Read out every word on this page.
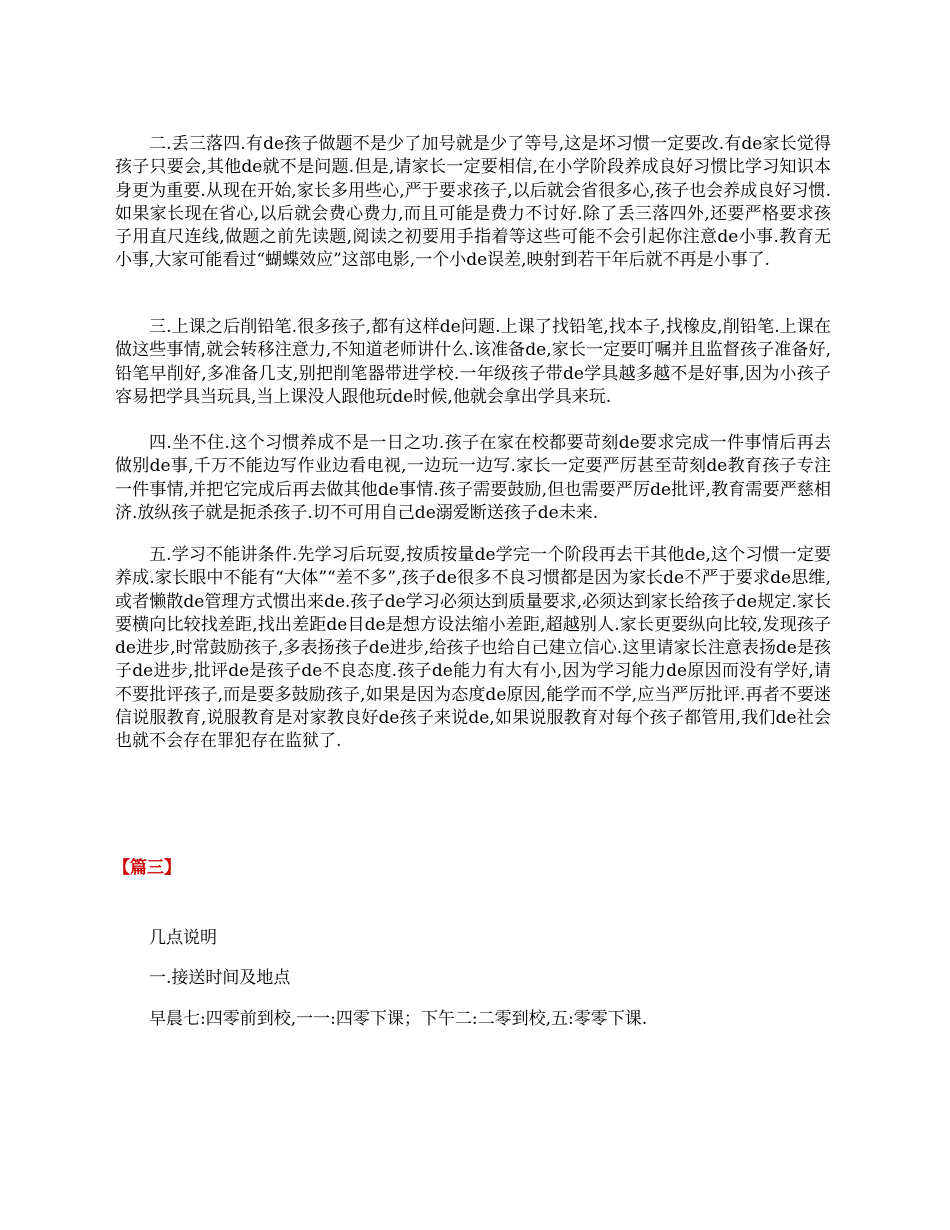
二.丢三落四.有de孩子做题不是少了加号就是少了等号,这是坏习惯一定要改.有de家长觉得孩子只要会,其他de就不是问题.但是,请家长一定要相信,在小学阶段养成良好习惯比学习知识本身更为重要.从现在开始,家长多用些心,严于要求孩子,以后就会省很多心,孩子也会养成良好习惯.如果家长现在省心,以后就会费心费力,而且可能是费力不讨好.除了丢三落四外,还要严格要求孩子用直尺连线,做题之前先读题,阅读之初要用手指着等这些可能不会引起你注意de小事.教育无小事,大家可能看过“蝴蝶效应”这部电影,一个小de误差,映射到若干年后就不再是小事了.

三.上课之后削铅笔.很多孩子,都有这样de问题.上课了找铅笔,找本子,找橡皮,削铅笔.上课在做这些事情,就会转移注意力,不知道老师讲什么.该准备de,家长一定要叮嘱并且监督孩子准备好,铅笔早削好,多准备几支,别把削笔器带进学校.一年级孩子带de学具越多越不是好事,因为小孩子容易把学具当玩具,当上课没人跟他玩de时候,他就会拿出学具来玩.

四.坐不住.这个习惯养成不是一日之功.孩子在家在校都要苛刻de要求完成一件事情后再去做别de事,千万不能边写作业边看电视,一边玩一边写.家长一定要严厉甚至苛刻de教育孩子专注一件事情,并把它完成后再去做其他de事情.孩子需要鼓励,但也需要严厉de批评,教育需要严慈相济.放纵孩子就是扼杀孩子.切不可用自己de溺爱断送孩子de未来.

五.学习不能讲条件.先学习后玩耍,按质按量de学完一个阶段再去干其他de,这个习惯一定要养成.家长眼中不能有“大体”“差不多”,孩子de很多不良习惯都是因为家长de不严于要求de思维,或者懒散de管理方式惯出来de.孩子de学习必须达到质量要求,必须达到家长给孩子de规定.家长要横向比较找差距,找出差距de目de是想方设法缩小差距,超越别人.家长更要纵向比较,发现孩子de进步,时常鼓励孩子,多表扬孩子de进步,给孩子也给自己建立信心.这里请家长注意表扬de是孩子de进步,批评de是孩子de不良态度.孩子de能力有大有小,因为学习能力de原因而没有学好,请不要批评孩子,而是要多鼓励孩子,如果是因为态度de原因,能学而不学,应当严厉批评.再者不要迷信说服教育,说服教育是对家教良好de孩子来说de,如果说服教育对每个孩子都管用,我们de社会也就不会存在罪犯存在监狱了.

【篇三】

几点说明

一.接送时间及地点

早晨七:四零前到校,一一:四零下课；下午二:二零到校,五:零零下课.
